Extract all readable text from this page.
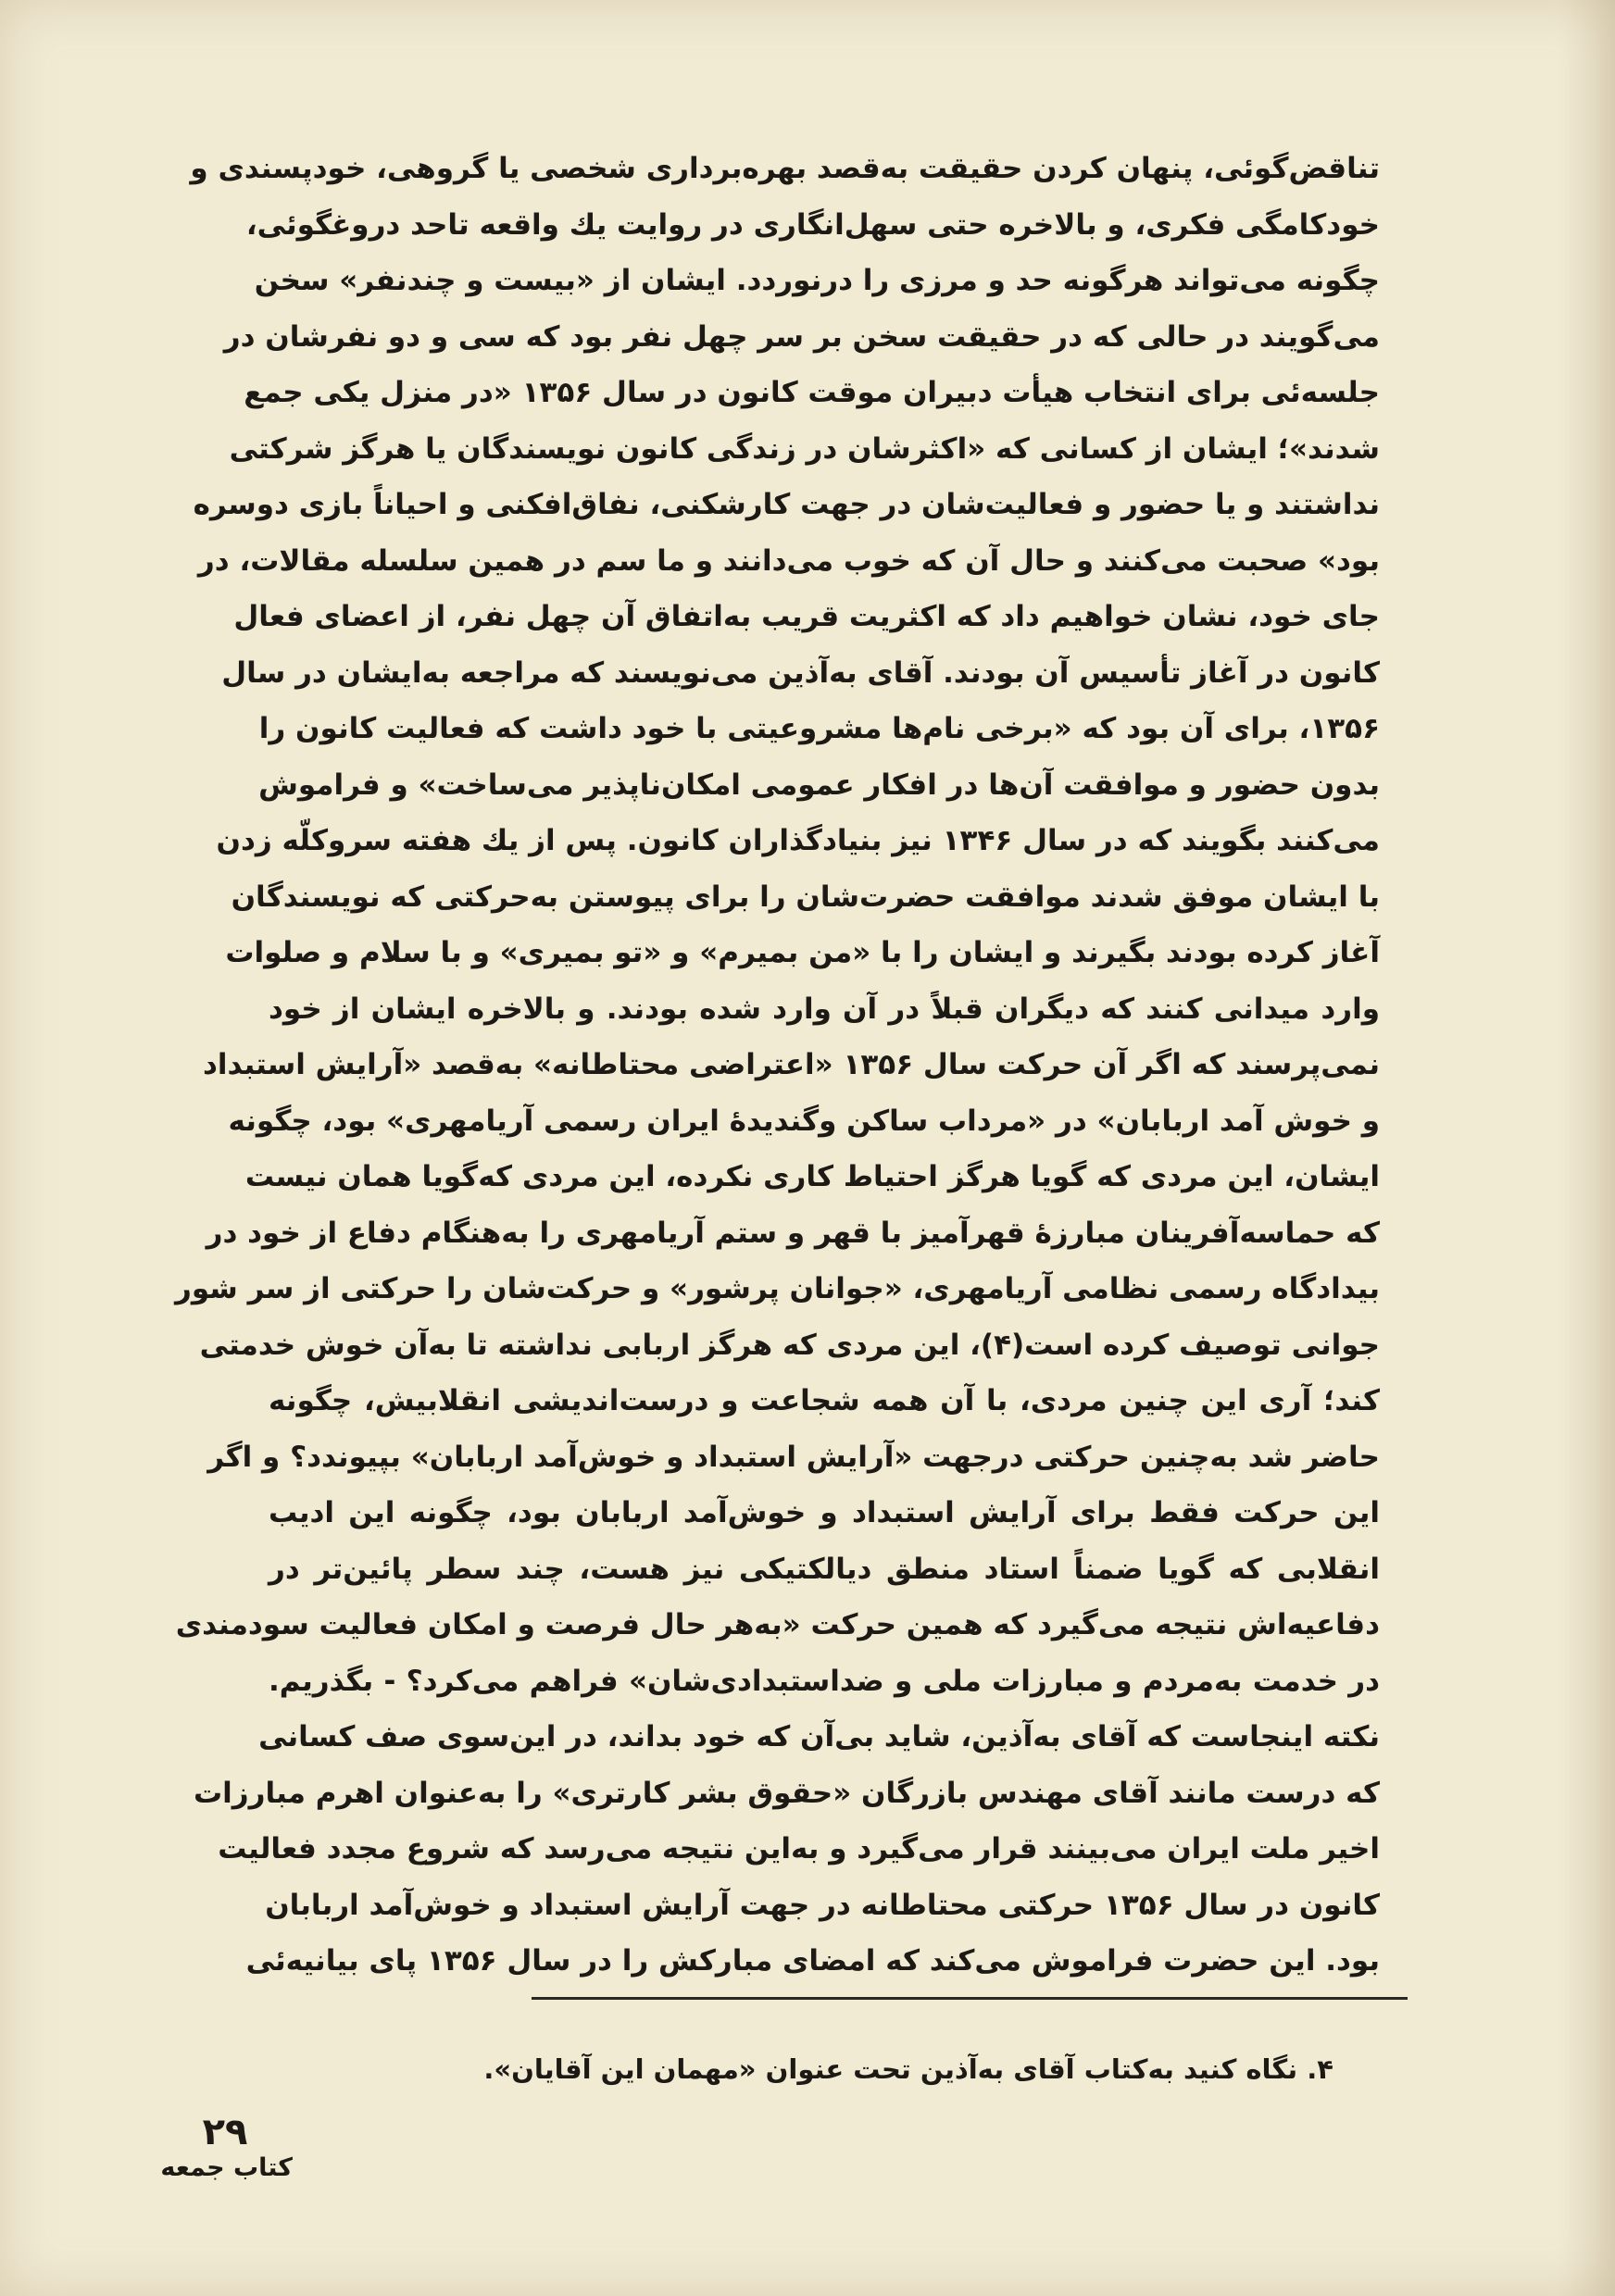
تناقض‌گوئی، پنهان کردن حقیقت به‌قصد بهره‌برداری شخصی یا گروهی، خودپسندی و
خودکامگی فکری، و بالاخره حتی سهل‌انگاری در روایت یك واقعه تاحد دروغگوئی،
چگونه می‌تواند هرگونه حد و مرزی را درنوردد. ایشان از «بیست و چندنفر» سخن
می‌گویند در حالی که در حقیقت سخن بر سر چهل نفر بود که سی و دو نفرشان در
جلسه‌ئی برای انتخاب هیأت دبیران موقت کانون در سال ۱۳۵۶ «در منزل یکی جمع
شدند»؛ ایشان از کسانی که «اکثرشان در زندگی کانون نویسندگان یا هرگز شرکتی
نداشتند و یا حضور و فعالیت‌شان در جهت کارشکنی، نفاق‌افکنی و احیاناً بازی دوسره
بود» صحبت می‌کنند و حال آن که خوب می‌دانند و ما سم در همین سلسله مقالات، در
جای خود، نشان خواهیم داد که اکثریت قریب به‌اتفاق آن چهل نفر، از اعضای فعال
کانون در آغاز تأسیس آن بودند. آقای به‌آذین می‌نویسند که مراجعه به‌ایشان در سال
۱۳۵۶، برای آن بود که «برخی نام‌ها مشروعیتی با خود داشت که فعالیت کانون را
بدون حضور و موافقت آن‌ها در افکار عمومی امکان‌ناپذیر می‌ساخت» و فراموش
می‌کنند بگویند که در سال ۱۳۴۶ نیز بنیادگذاران کانون. پس از یك هفته سروکلّه زدن
با ایشان موفق شدند موافقت حضرت‌شان را برای پیوستن به‌حرکتی که نویسندگان
آغاز کرده بودند بگیرند و ایشان را با «من بمیرم» و «تو بمیری» و با سلام و صلوات
وارد میدانی کنند که دیگران قبلاً در آن وارد شده بودند. و بالاخره ایشان از خود
نمی‌پرسند که اگر آن حرکت سال ۱۳۵۶ «اعتراضی محتاطانه» به‌قصد «آرایش استبداد
و خوش آمد اربابان» در «مرداب ساکن وگندیدهٔ ایران رسمی آریامهری» بود، چگونه
ایشان، این مردی که گویا هرگز احتیاط کاری نکرده، این مردی که‌گویا همان نیست
که حماسه‌آفرینان مبارزهٔ قهرآمیز با قهر و ستم آریامهری را به‌هنگام دفاع از خود در
بیدادگاه رسمی نظامی آریامهری، «جوانان پرشور» و حرکت‌شان را حرکتی از سر شور
جوانی توصیف کرده است(۴)، این مردی که هرگز اربابی نداشته تا به‌آن خوش خدمتی
کند؛ آری این چنین مردی، با آن همه شجاعت و درست‌اندیشی انقلابیش، چگونه
حاضر شد به‌چنین حرکتی درجهت «آرایش استبداد و خوش‌آمد اربابان» بپیوندد؟ و اگر
این حرکت فقط برای آرایش استبداد و خوش‌آمد اربابان بود، چگونه این ادیب
انقلابی که گویا ضمناً استاد منطق دیالکتیکی نیز هست، چند سطر پائین‌تر در
دفاعیه‌اش نتیجه می‌گیرد که همین حرکت «به‌هر حال فرصت و امکان فعالیت سودمندی
در خدمت به‌مردم و مبارزات ملی و ضداستبدادی‌شان» فراهم می‌کرد؟ - بگذریم.
نکته اینجاست که آقای به‌آذین، شاید بی‌آن که خود بداند، در این‌سوی صف کسانی
که درست مانند آقای مهندس بازرگان «حقوق بشر کارتری» را به‌عنوان اهرم مبارزات
اخیر ملت ایران می‌بینند قرار می‌گیرد و به‌این نتیجه می‌رسد که شروع مجدد فعالیت
کانون در سال ۱۳۵۶ حرکتی محتاطانه در جهت آرایش استبداد و خوش‌آمد اربابان
بود. این حضرت فراموش می‌کند که امضای مبارکش را در سال ۱۳۵۶ پای بیانیه‌ئی
۴. نگاه کنید به‌کتاب آقای به‌آذین تحت عنوان «مهمان این آقایان».
۲۹
کتاب جمعه
